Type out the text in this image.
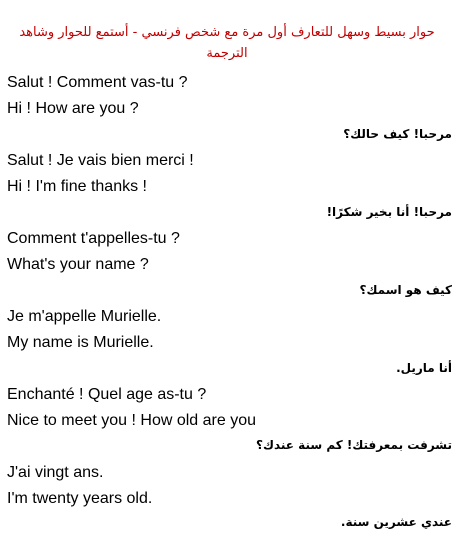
حوار بسيط وسهل للتعارف أول مرة مع شخص فرنسي - أستمع للحوار وشاهد الترجمة
Salut ! Comment vas-tu ?
Hi ! How are you ?
مرحبا! كيف حالك؟
Salut ! Je vais bien merci !
Hi ! I'm fine thanks !
مرحبا! أنا بخير شكرًا!
Comment t'appelles-tu ?
What's your name ?
كيف هو اسمك؟
Je m'appelle Murielle.
My name is Murielle.
أنا ماريل.
Enchanté ! Quel age as-tu ?
Nice to meet you ! How old are you
تشرفت بمعرفتك! كم سنة عندك؟
J'ai vingt ans.
I'm twenty years old.
عندي عشرين سنة.
